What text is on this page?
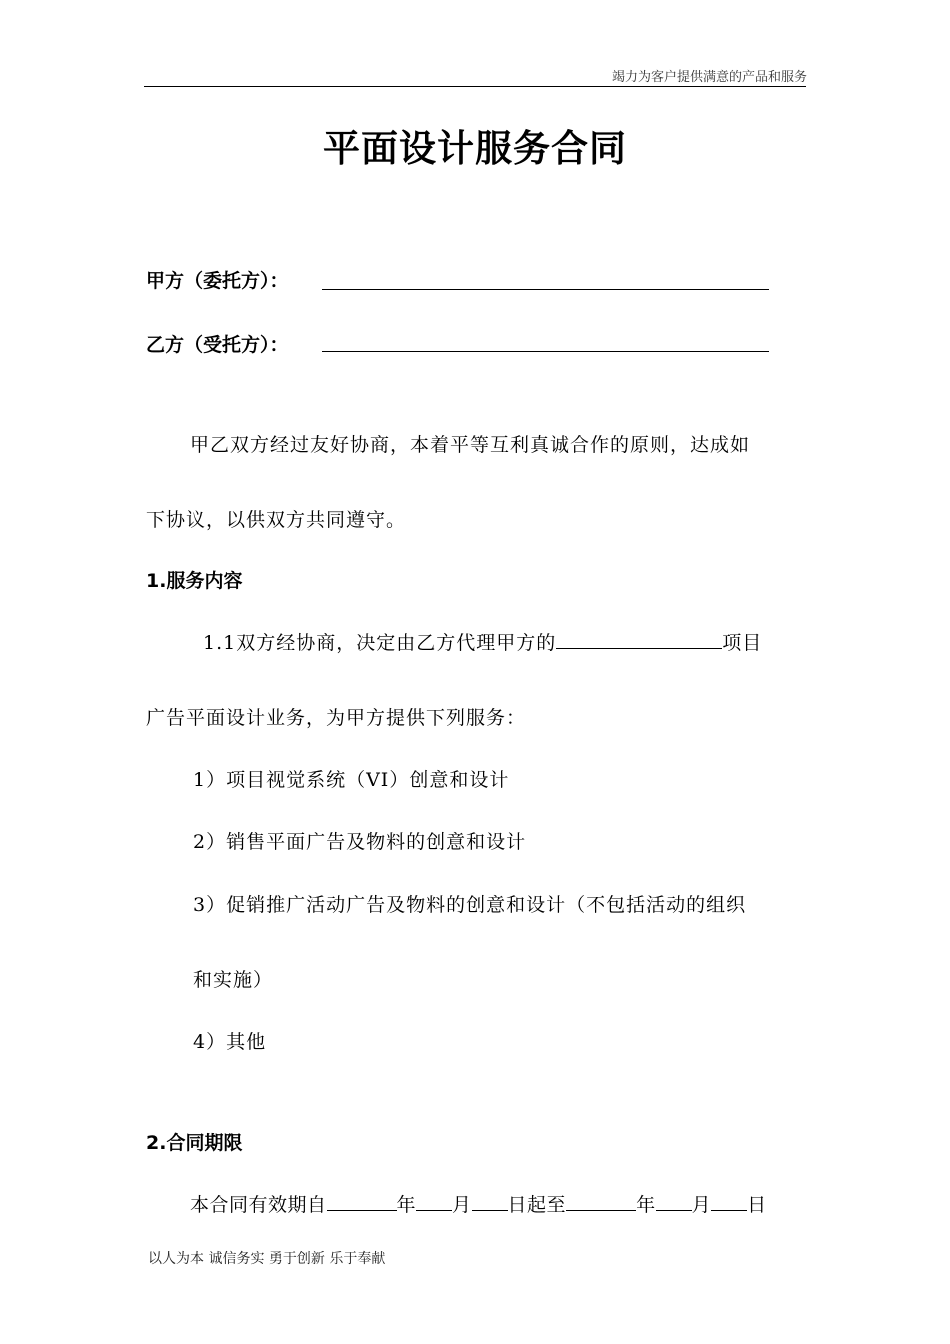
竭力为客户提供满意的产品和服务
平面设计服务合同
甲方（委托方）：
乙方（受托方）：
甲乙双方经过友好协商，本着平等互利真诚合作的原则，达成如
下协议，以供双方共同遵守。
1.服务内容
1.1双方经协商，决定由乙方代理甲方的	项目
广告平面设计业务，为甲方提供下列服务：
1）项目视觉系统（VI）创意和设计
2）销售平面广告及物料的创意和设计
3）促销推广活动广告及物料的创意和设计（不包括活动的组织
和实施）
4）其他
2.合同期限
本合同有效期自	年 月 日起至	年 月 日
以人为本 诚信务实 勇于创新 乐于奉献
